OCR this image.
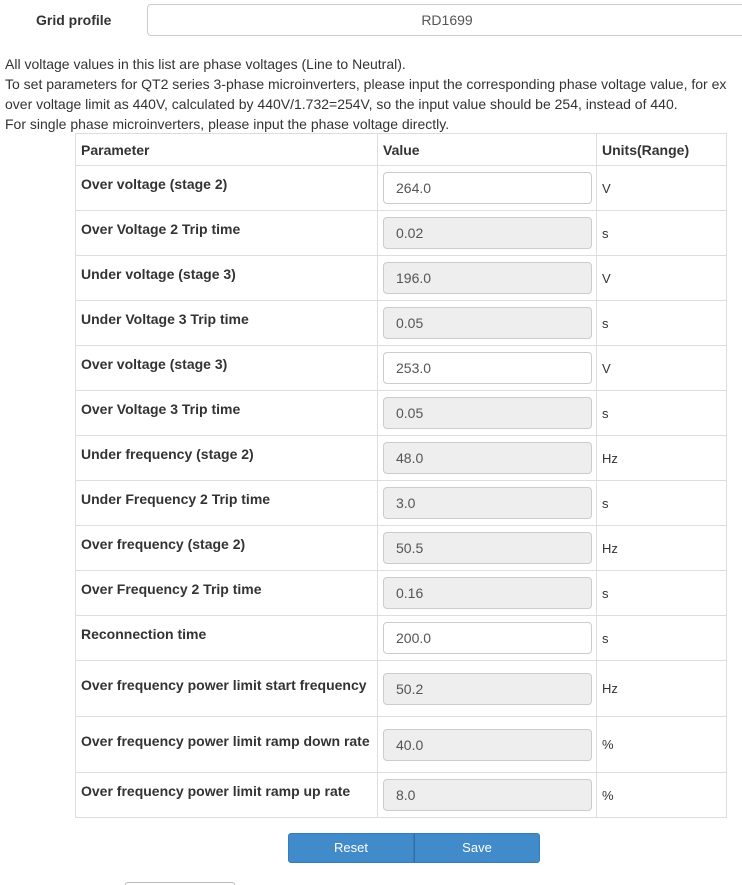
Grid profile	RD1699
All voltage values in this list are phase voltages (Line to Neutral).
To set parameters for QT2 series 3-phase microinverters, please input the corresponding phase voltage value, for ex
over voltage limit as 440V, calculated by 440V/1.732=254V, so the input value should be 254, instead of 440.
For single phase microinverters, please input the phase voltage directly.
Parameter	Value	Units(Range)

Over voltage (stage 2)	264.0	V

Over Voltage 2 Trip time	0.02	s

Under voltage (stage 3)	196.0	V

Under Voltage 3 Trip time	0.05	s

Over voltage (stage 3)	253.0	V

Over Voltage 3 Trip time	0.05	s

Under frequency (stage 2)	48.0	Hz

Under Frequency 2 Trip time	3.0	s

Over frequency (stage 2)	50.5	Hz

Over Frequency 2 Trip time	0.16	s

Reconnection time	200.0	s

Over frequency power limit start frequency	50.2	Hz

Over frequency power limit ramp down rate	40.0	%

Over frequency power limit ramp up rate	8.0	%
Reset	Save
